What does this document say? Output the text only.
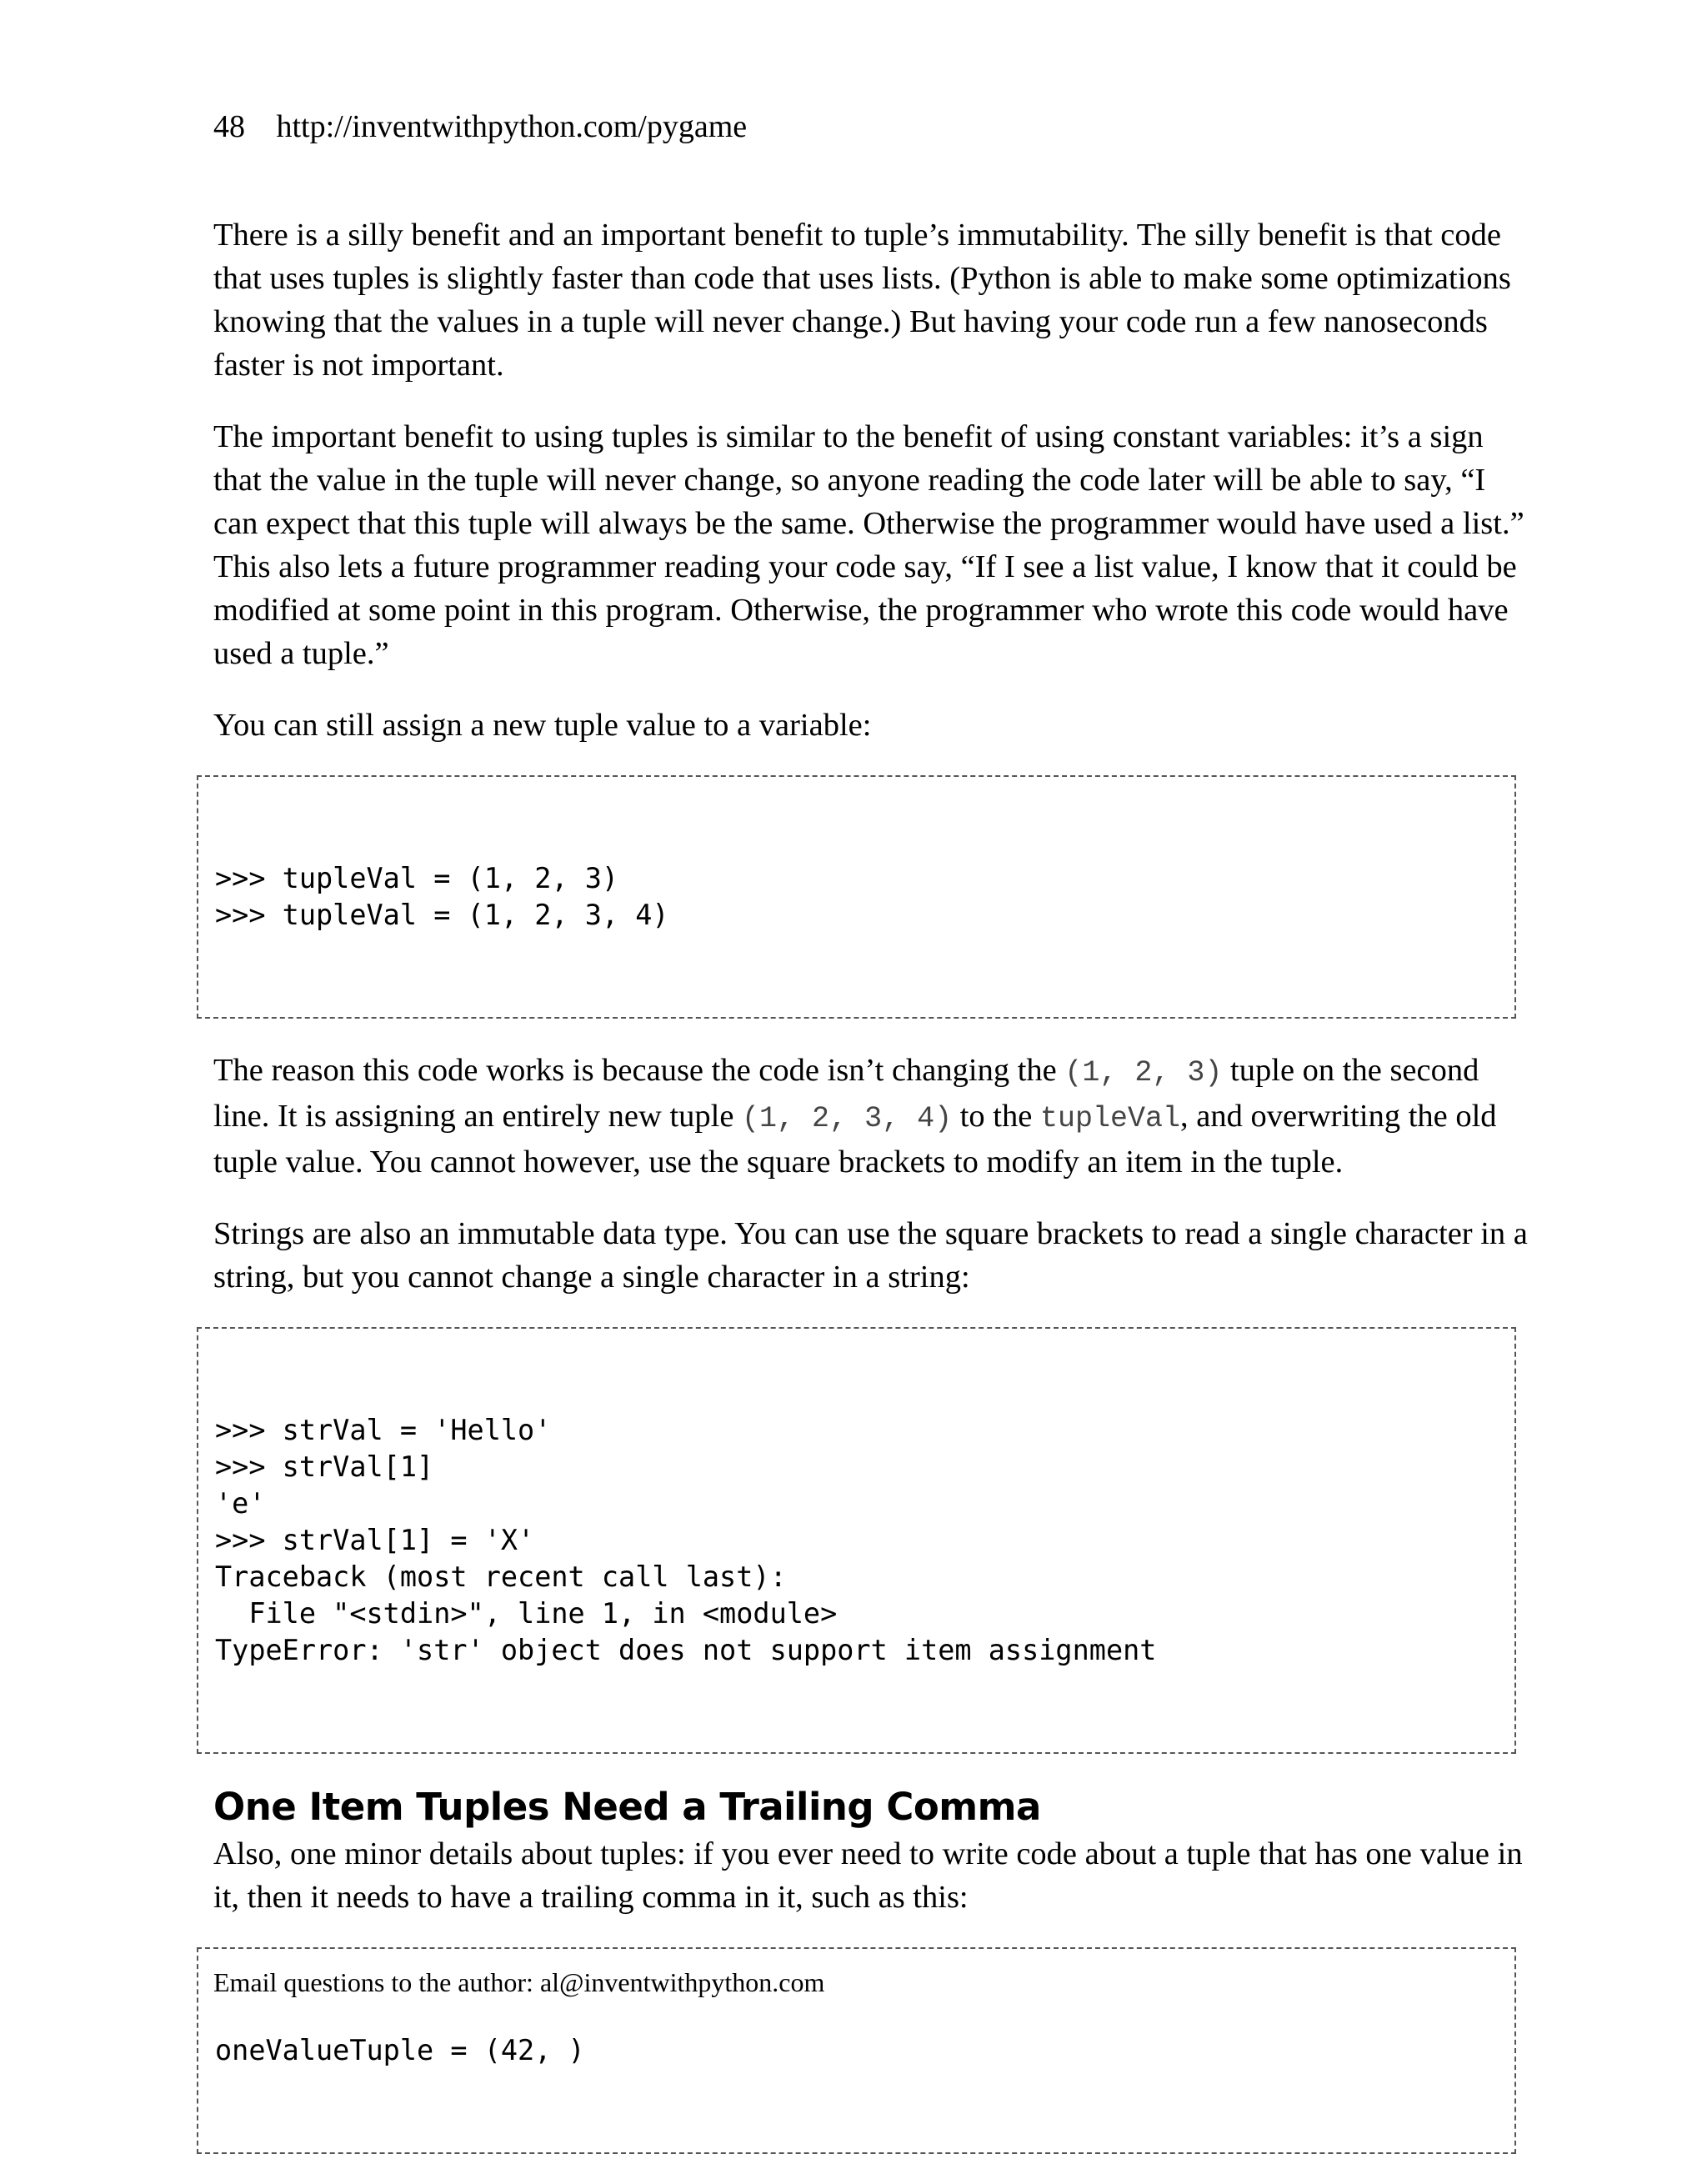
48 http://inventwithpython.com/pygame

There is a silly benefit and an important benefit to tuple’s immutability. The silly benefit is that code that uses tuples is slightly faster than code that uses lists. (Python is able to make some optimizations knowing that the values in a tuple will never change.) But having your code run a few nanoseconds faster is not important.

The important benefit to using tuples is similar to the benefit of using constant variables: it’s a sign that the value in the tuple will never change, so anyone reading the code later will be able to say, “I can expect that this tuple will always be the same. Otherwise the programmer would have used a list.” This also lets a future programmer reading your code say, “If I see a list value, I know that it could be modified at some point in this program. Otherwise, the programmer who wrote this code would have used a tuple.”

You can still assign a new tuple value to a variable:

>>> tupleVal = (1, 2, 3)
>>> tupleVal = (1, 2, 3, 4)

The reason this code works is because the code isn’t changing the (1, 2, 3) tuple on the second line. It is assigning an entirely new tuple (1, 2, 3, 4) to the tupleVal, and overwriting the old tuple value. You cannot however, use the square brackets to modify an item in the tuple.

Strings are also an immutable data type. You can use the square brackets to read a single character in a string, but you cannot change a single character in a string:

>>> strVal = 'Hello'
>>> strVal[1]
'e'
>>> strVal[1] = 'X'
Traceback (most recent call last):
File "<stdin>", line 1, in <module>
TypeError: 'str' object does not support item assignment

One Item Tuples Need a Trailing Comma

Also, one minor details about tuples: if you ever need to write code about a tuple that has one value in it, then it needs to have a trailing comma in it, such as this:

oneValueTuple = (42, )

Email questions to the author: al@inventwithpython.com
